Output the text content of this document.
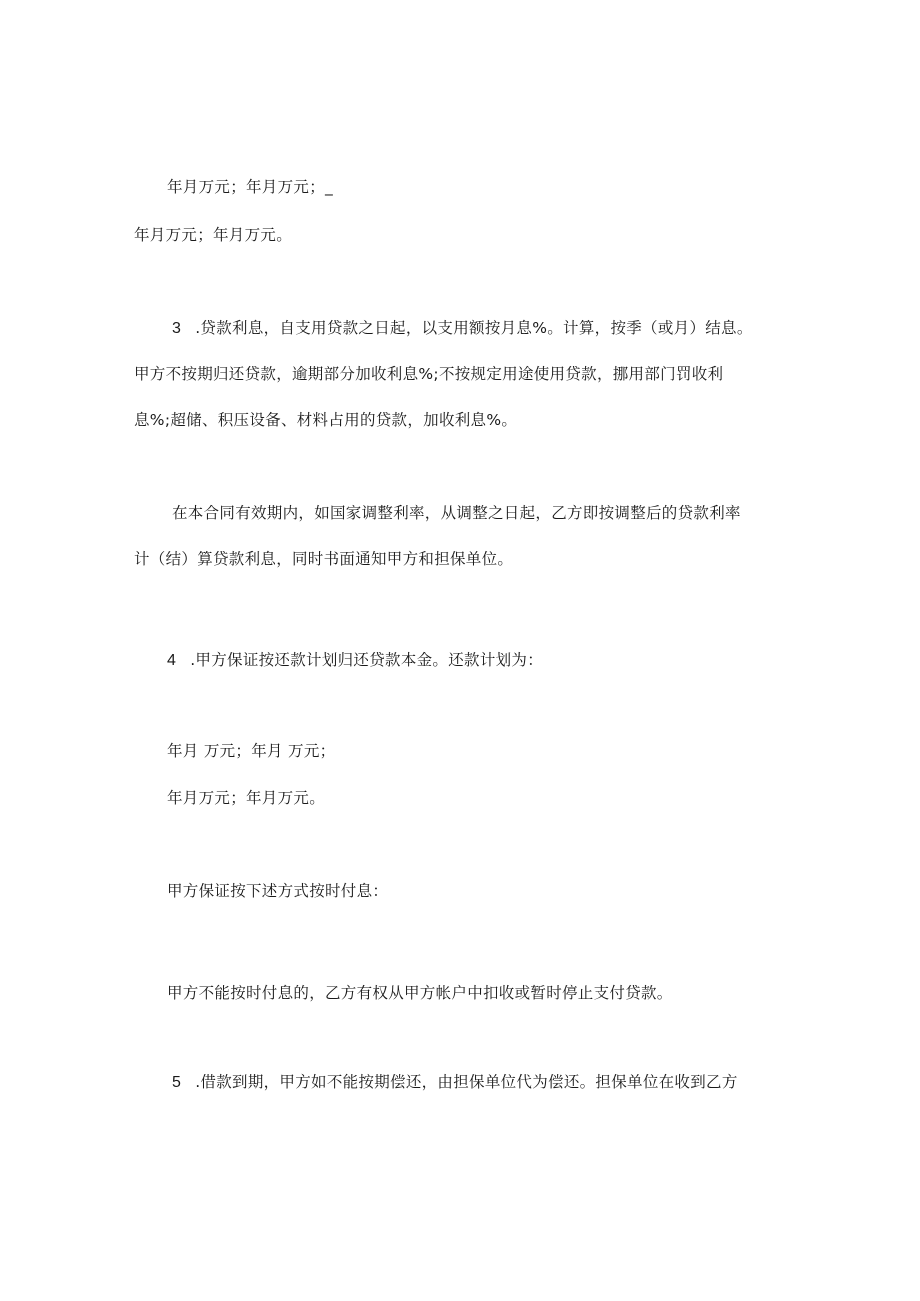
年月万元；年月万元；_
年月万元；年月万元。
3 .贷款利息，自支用贷款之日起，以支用额按月息%。计算，按季（或月）结息。
甲方不按期归还贷款，逾期部分加收利息%;不按规定用途使用贷款，挪用部门罚收利
息%;超储、积压设备、材料占用的贷款，加收利息%。
在本合同有效期内，如国家调整利率，从调整之日起，乙方即按调整后的贷款利率
计（结）算贷款利息，同时书面通知甲方和担保单位。
4 .甲方保证按还款计划归还贷款本金。还款计划为：
年月 万元；年月 万元；
年月万元；年月万元。
甲方保证按下述方式按时付息：
甲方不能按时付息的，乙方有权从甲方帐户中扣收或暂时停止支付贷款。
5 .借款到期，甲方如不能按期偿还，由担保单位代为偿还。担保单位在收到乙方
